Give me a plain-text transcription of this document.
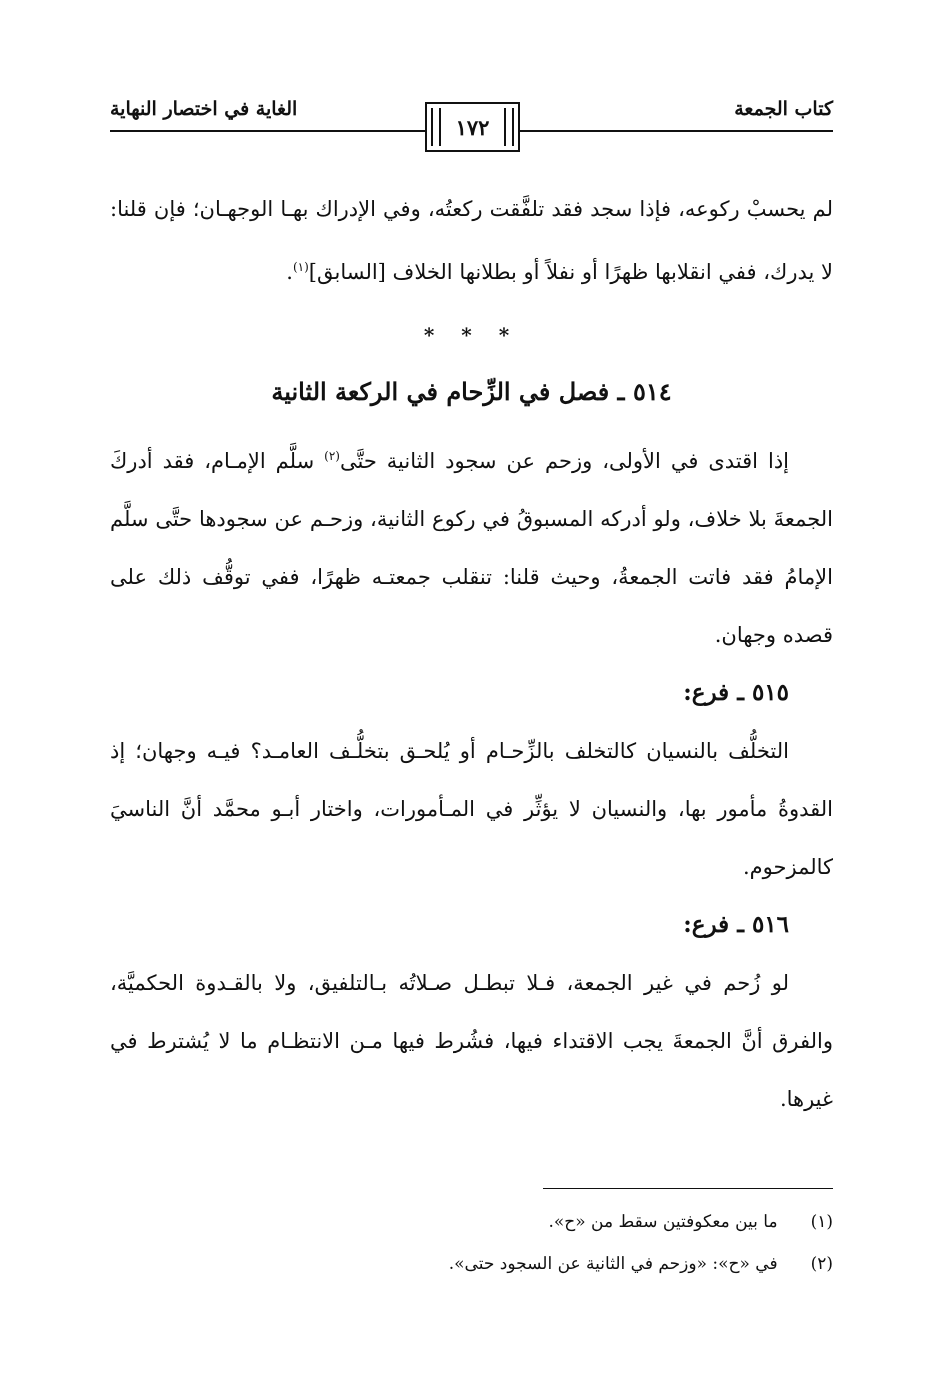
كتاب الجمعة
الغاية في اختصار النهاية
١٧٢

لم يحسبْ ركوعه، فإذا سجد فقد تلفَّقت ركعتُه، وفي الإدراك بهـا الوجهـان؛ فإن قلنا: لا يدرك، ففي انقلابها ظهرًا أو نفلاً أو بطلانها الخلاف [السابق]$^{(١)}$.

* * *
٥١٤ ـ فصل في الزِّحام في الركعة الثانية

إذا اقتدى في الأولى، وزحم عن سجود الثانية حتَّى$^{(٢)}$ سلَّم الإمـام، فقد أدركَ الجمعةَ بلا خلاف، ولو أدركه المسبوقُ في ركوع الثانية، وزحـم عن سجودها حتَّى سلَّم الإمامُ فقد فاتت الجمعةُ، وحيث قلنا: تنقلب جمعتـه ظهرًا، ففي توقُّف ذلك على قصده وجهان.

٥١٥ ـ فرع:

التخلُّف بالنسيان كالتخلف بالزِّحـام أو يُلحـق بتخلُّـف العامـد؟ فيـه وجهان؛ إذ القدوةُ مأمور بها، والنسيان لا يؤثِّر في المـأمورات، واختار أبـو محمَّد أنَّ الناسيَ كالمزحوم.

٥١٦ ـ فرع:

لو زُحم في غير الجمعة، فـلا تبطـل صـلاتُه بـالتلفيق، ولا بالقـدوة الحكميَّة، والفرق أنَّ الجمعةَ يجب الاقتداء فيها، فشُرط فيها مـن الانتظـام ما لا يُشترط في غيرها.

(١) ما بين معكوفتين سقط من «ح».
(٢) في «ح»: «وزحم في الثانية عن السجود حتى».
